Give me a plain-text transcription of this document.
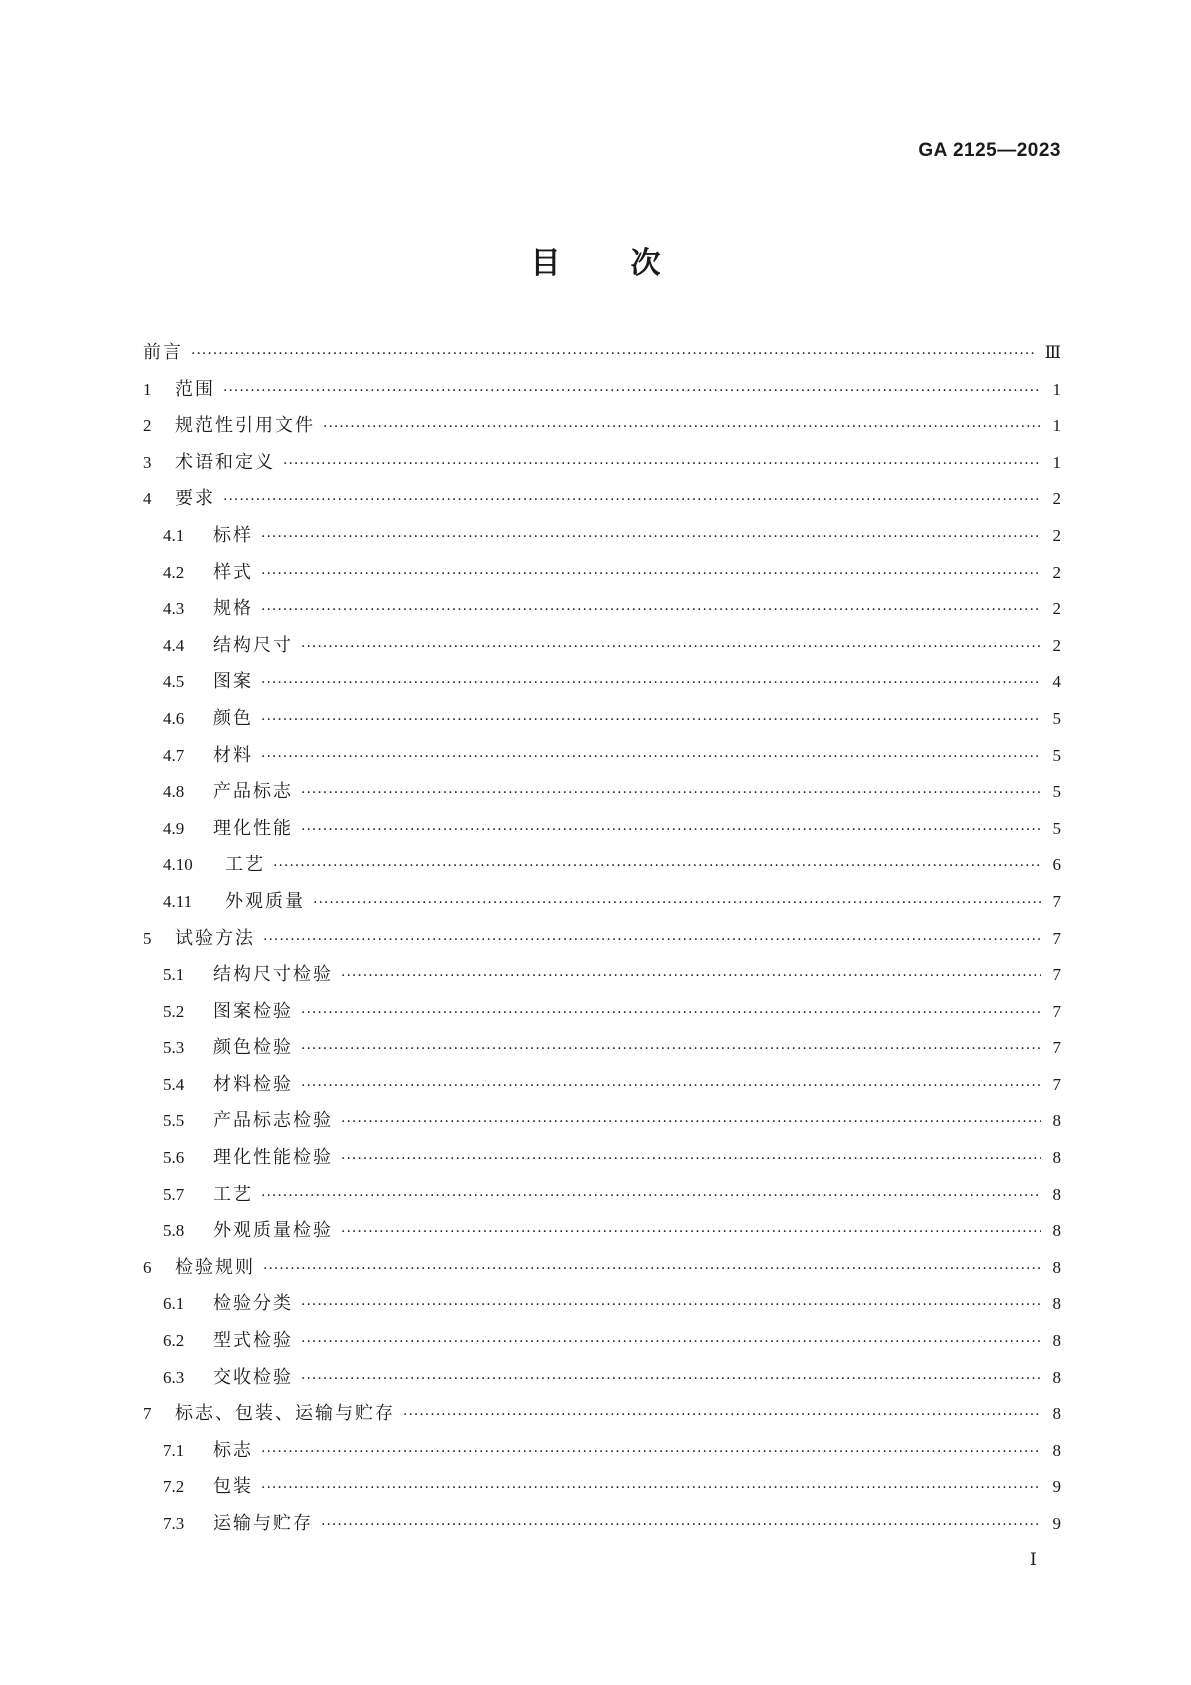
GA 2125—2023
目 次
前言 ·····	Ⅲ
1	范围 ·····	1
2	规范性引用文件 ·····	1
3	术语和定义 ·····	1
4	要求 ·····	2
4.1	标样 ·····	2
4.2	样式 ·····	2
4.3	规格 ·····	2
4.4	结构尺寸 ·····	2
4.5	图案 ·····	4
4.6	颜色 ·····	5
4.7	材料 ·····	5
4.8	产品标志 ·····	5
4.9	理化性能 ·····	5
4.10	工艺 ·····	6
4.11	外观质量 ·····	7
5	试验方法 ·····	7
5.1	结构尺寸检验 ·····	7
5.2	图案检验 ·····	7
5.3	颜色检验 ·····	7
5.4	材料检验 ·····	7
5.5	产品标志检验 ·····	8
5.6	理化性能检验 ·····	8
5.7	工艺 ·····	8
5.8	外观质量检验 ·····	8
6	检验规则 ·····	8
6.1	检验分类 ·····	8
6.2	型式检验 ·····	8
6.3	交收检验 ·····	8
7	标志、包装、运输与贮存 ·····	8
7.1	标志 ·····	8
7.2	包装 ·····	9
7.3	运输与贮存 ·····	9
Ⅰ
